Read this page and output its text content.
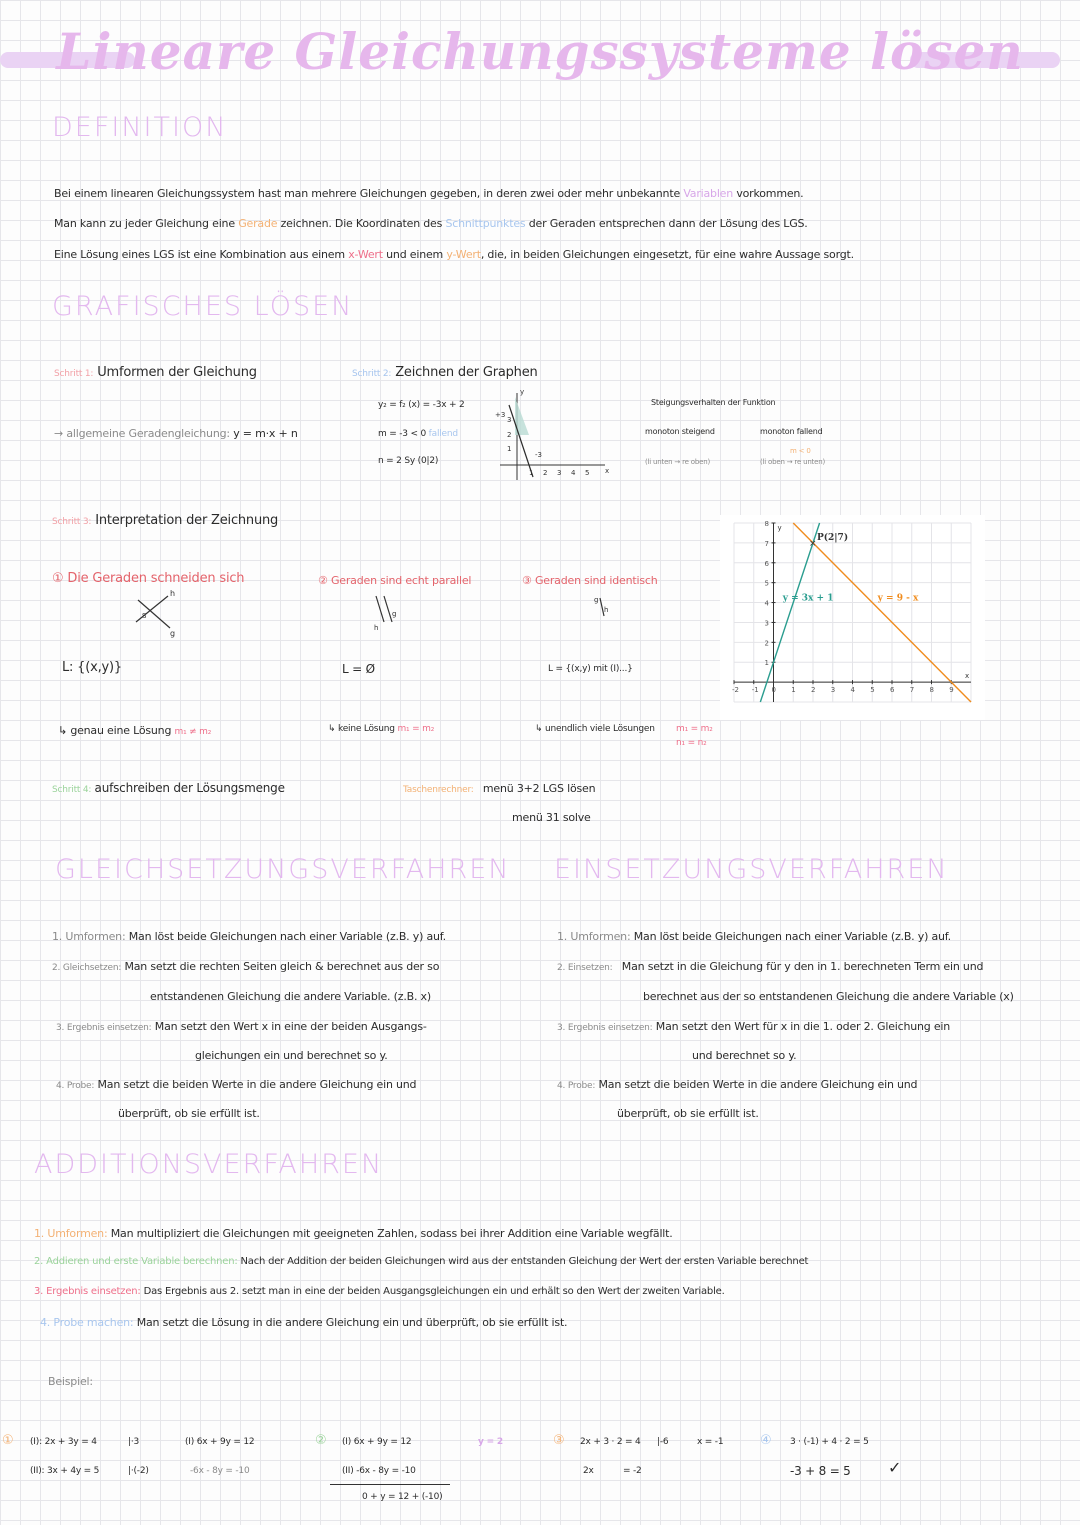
Lineare Gleichungssysteme lösen
DEFINITION
Bei einem linearen Gleichungssystem hast man mehrere Gleichungen gegeben, in deren zwei oder mehr unbekannte Variablen vorkommen.
Man kann zu jeder Gleichung eine Gerade zeichnen. Die Koordinaten des Schnittpunktes der Geraden entsprechen dann der Lösung des LGS.
Eine Lösung eines LGS ist eine Kombination aus einem x-Wert und einem y-Wert, die, in beiden Gleichungen eingesetzt, für eine wahre Aussage sorgt.
GRAFISCHES LÖSEN
Schritt 1: Umformen der Gleichung
→ allgemeine Geradengleichung: y = m·x + n
Schritt 2: Zeichnen der Graphen
y₂ = f₂ (x) = -3x + 2
m = -3 < 0 fallend
n = 2 Sy (0|2)
+3
y
x
-3
1 2 3 4 5
3
2
1
Steigungsverhalten der Funktion
monoton steigend
(li unten → re oben)
monoton fallend
m < 0
(li oben → re unten)
Schritt 3: Interpretation der Zeichnung
① Die Geraden schneiden sich	② Geraden sind echt parallel	③ Geraden sind identisch
h
g
S
h
g
g
h
L: {(x,y)}	L = Ø	L = {(x,y) mit (I)...}
↳ genau eine Lösung m₁ ≠ m₂	↳ keine Lösung m₁ = m₂	↳ unendlich viele Lösungen m₁ = m₂
n₁ = n₂
Schritt 4: aufschreiben der Lösungsmenge	Taschenrechner: menü 3+2 LGS lösen
menü 31 solve
x
y
-2 -1 0 1 2 3 4 5 6 7 8 9
1
2
3
4
5
6
7
8
y = 3x + 1	y = 9 - x
×
P(2|7)
GLEICHSETZUNGSVERFAHREN
1. Umformen: Man löst beide Gleichungen nach einer Variable (z.B. y) auf.
2. Gleichsetzen: Man setzt die rechten Seiten gleich & berechnet aus der so
entstandenen Gleichung die andere Variable. (z.B. x)
3. Ergebnis einsetzen: Man setzt den Wert x in eine der beiden Ausgangs-
gleichungen ein und berechnet so y.
4. Probe: Man setzt die beiden Werte in die andere Gleichung ein und
überprüft, ob sie erfüllt ist.
EINSETZUNGSVERFAHREN
1. Umformen: Man löst beide Gleichungen nach einer Variable (z.B. y) auf.
2. Einsetzen: Man setzt in die Gleichung für y den in 1. berechneten Term ein und
berechnet aus der so entstandenen Gleichung die andere Variable (x)
3. Ergebnis einsetzen: Man setzt den Wert für x in die 1. oder 2. Gleichung ein
und berechnet so y.
4. Probe: Man setzt die beiden Werte in die andere Gleichung ein und
überprüft, ob sie erfüllt ist.
ADDITIONSVERFAHREN
1. Umformen: Man multipliziert die Gleichungen mit geeigneten Zahlen, sodass bei ihrer Addition eine Variable wegfällt.
2. Addieren und erste Variable berechnen: Nach der Addition der beiden Gleichungen wird aus der entstanden Gleichung der Wert der ersten Variable berechnet
3. Ergebnis einsetzen: Das Ergebnis aus 2. setzt man in eine der beiden Ausgangsgleichungen ein und erhält so den Wert der zweiten Variable.
4. Probe machen: Man setzt die Lösung in die andere Gleichung ein und überprüft, ob sie erfüllt ist.
Beispiel:
① (I): 2x + 3y = 4	|·3
(II): 3x + 4y = 5	|·(-2)
(I) 6x + 9y = 12
-6x - 8y = -10
② (I) 6x + 9y = 12
(II) -6x - 8y = -10
0 + y = 12 + (-10)
y = 2	③ 2x + 3 · 2 = 4 |-6	x = -1
2x	= -2
④ 3 · (-1) + 4 · 2 = 5
-3 + 8 = 5 ✓
